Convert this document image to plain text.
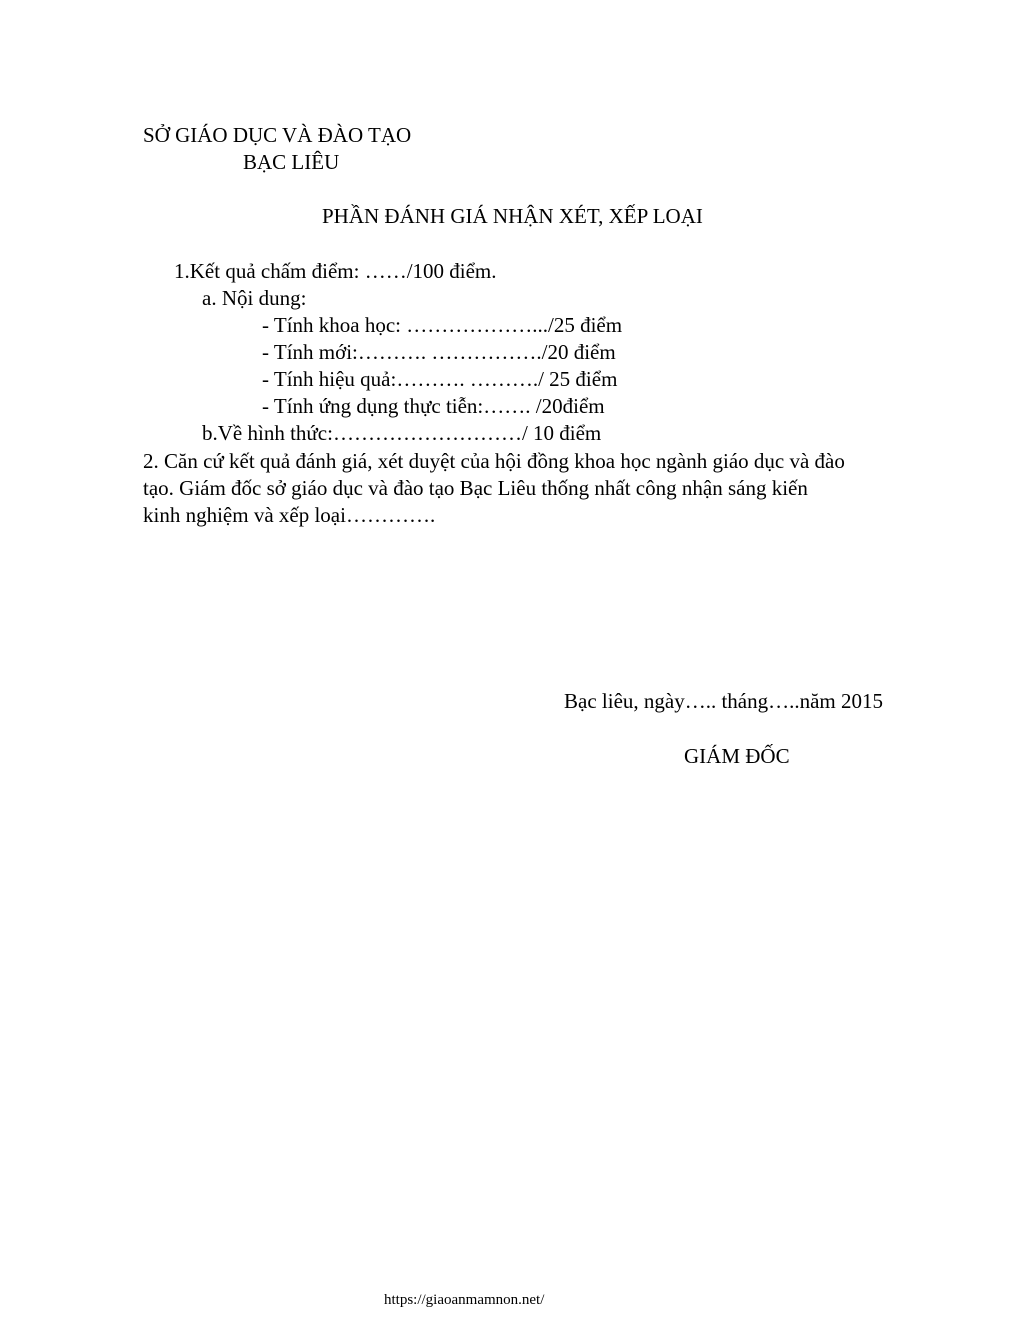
SỞ GIÁO DỤC VÀ ĐÀO TẠO
BẠC LIÊU
PHẦN ĐÁNH GIÁ NHẬN XÉT, XẾP LOẠI
1.Kết quả chấm điểm: ……/100 điểm.
a. Nội dung:
- Tính khoa học: ……………….../25 điểm
- Tính mới:………. ……………./20 điểm
- Tính hiệu quả:………. ………./ 25 điểm
- Tính ứng dụng thực tiễn:……. /20điểm
b.Về hình thức:………………………/ 10 điểm
2. Căn cứ kết quả đánh giá, xét duyệt của hội đồng khoa học ngành giáo dục và đào
tạo. Giám đốc sở giáo dục và đào tạo Bạc Liêu thống nhất công nhận sáng kiến
kinh nghiệm và xếp loại………….
Bạc liêu, ngày….. tháng…..năm 2015
GIÁM ĐỐC
https://giaoanmamnon.net/
